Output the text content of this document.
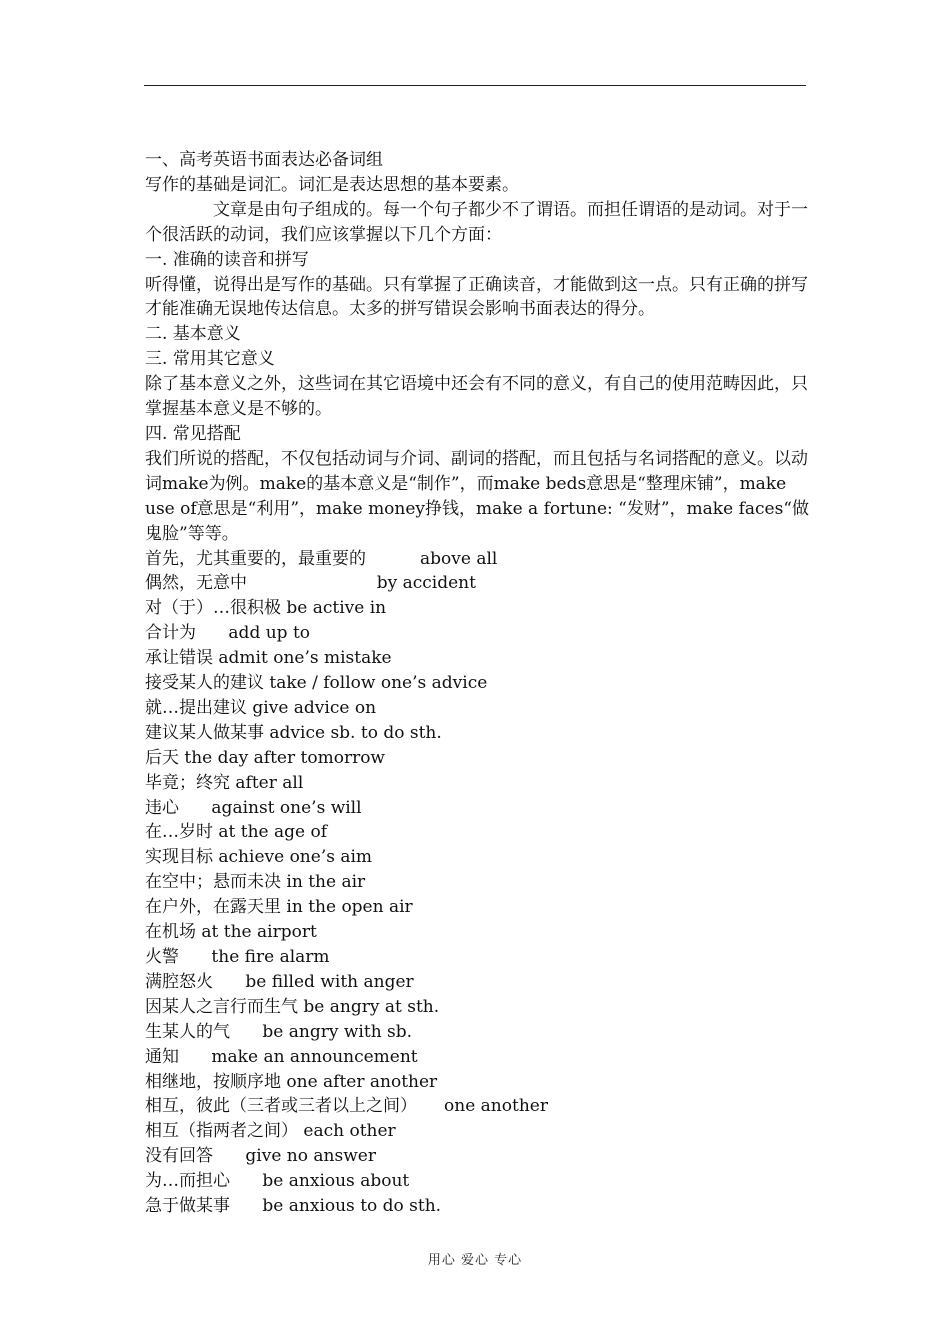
一、高考英语书面表达必备词组

写作的基础是词汇。词汇是表达思想的基本要素。

文章是由句子组成的。每一个句子都少不了谓语。而担任谓语的是动词。对于一个很活跃的动词，我们应该掌握以下几个方面：

一. 准确的读音和拼写

听得懂，说得出是写作的基础。只有掌握了正确读音，才能做到这一点。只有正确的拼写才能准确无误地传达信息。太多的拼写错误会影响书面表达的得分。

二. 基本意义

三. 常用其它意义

除了基本意义之外，这些词在其它语境中还会有不同的意义，有自己的使用范畴因此，只掌握基本意义是不够的。

四. 常见搭配

我们所说的搭配，不仅包括动词与介词、副词的搭配，而且包括与名词搭配的意义。以动词make为例。make的基本意义是“制作”，而make beds意思是“整理床铺”，make use of意思是“利用”，make money挣钱，make a fortune: “发财”，make faces“做鬼脸”等等。

首先，尤其重要的，最重要的          above all

偶然，无意中                        by accident

对（于）…很积极 be active in

合计为      add up to

承让错误 admit one’s mistake

接受某人的建议 take / follow one’s advice

就…提出建议 give advice on

建议某人做某事 advice sb. to do sth.

后天 the day after tomorrow

毕竟；终究 after all

违心      against one’s will

在…岁时 at the age of

实现目标 achieve one’s aim

在空中；悬而未决 in the air

在户外，在露天里 in the open air

在机场 at the airport

火警      the fire alarm

满腔怒火      be filled with anger

因某人之言行而生气 be angry at sth.

生某人的气      be angry with sb.

通知      make an announcement

相继地，按顺序地 one after another

相互，彼此（三者或三者以上之间）     one another

相互（指两者之间） each other

没有回答      give no answer

为…而担心      be anxious about

急于做某事      be anxious to do sth.

用心 爱心 专心
